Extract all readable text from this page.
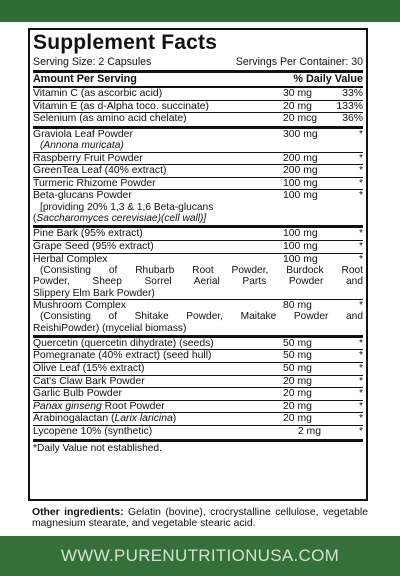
Supplement Facts
Serving Size: 2 Capsules	Servings Per Container: 30
Amount Per Serving	% Daily Value
Vitamin C (as ascorbic acid)	30 mg	33%
Vitamin E (as d-Alpha toco. succinate)	20 mg	133%
Selenium (as amino acid chelate)	20 mcg	36%
Graviola Leaf Powder	300 mg	*
(Annona muricata)
Raspberry Fruit Powder	200 mg	*
GreenTea Leaf (40% extract)	200 mg	*
Turmeric Rhizome Powder	100 mg	*
Beta-glucans Powder	100 mg	*
[providing 20% 1,3 & 1,6 Beta-glucans
(Saccharomyces cerevisiae)(cell wall)]
Pine Bark (95% extract)	100 mg	*
Grape Seed (95% extract)	100 mg	*
Herbal Complex	100 mg	*
(Consisting of Rhubarb Root Powder, Burdock Root
Powder, Sheep Sorrel Aerial Parts Powder and
Slippery Elm Bark Powder)
Mushroom Complex	80 mg	*
(Consisting of Shitake Powder, Maitake Powder and
ReishiPowder) (mycelial biomass)
Quercetin (quercetin dihydrate) (seeds)	50 mg	*
Pomegranate (40% extract) (seed hull)	50 mg	*
Olive Leaf (15% extract)	50 mg	*
Cat's Claw Bark Powder	20 mg	*
Garlic Bulb Powder	20 mg	*
Panax ginseng Root Powder	20 mg	*
Arabinogalactan (Larix laricina)	20 mg	*
Lycopene 10% (synthetic)	2 mg	*
*Daily Value not established.
Other ingredients: Gelatin (bovine), crocrystalline cellulose, vegetable magnesium stearate, and vegetable stearic acid.
WWW.PURENUTRITIONUSA.COM
